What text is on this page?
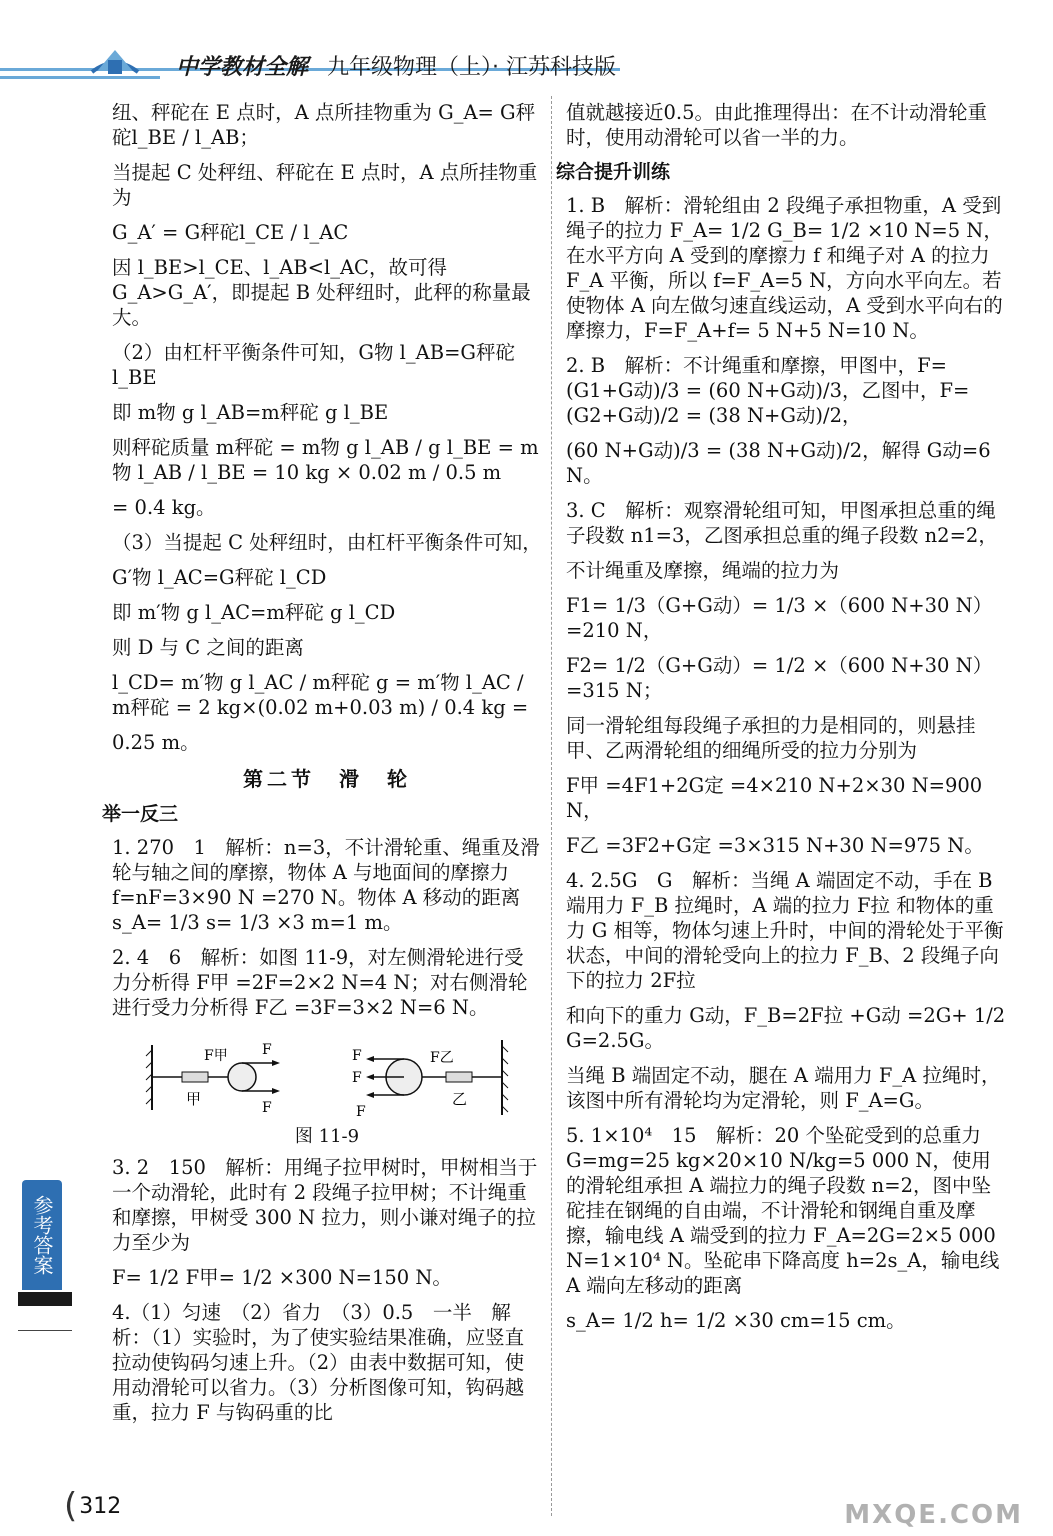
中学教材全解 九年级物理（上）· 江苏科技版

纽、秤砣在 E 点时，A 点所挂物重为 G_A= G秤砣l_BE / l_AB；

当提起 C 处秤纽、秤砣在 E 点时，A 点所挂物重为

G_A′ = G秤砣l_CE / l_AC

因 l_BE>l_CE、l_AB<l_AC，故可得 G_A>G_A′，即提起 B 处秤纽时，此秤的称量最大。

（2）由杠杆平衡条件可知，G物 l_AB=G秤砣 l_BE

即 m物 g l_AB=m秤砣 g l_BE

则秤砣质量 m秤砣 = m物 g l_AB / g l_BE = m物 l_AB / l_BE = 10 kg × 0.02 m / 0.5 m

= 0.4 kg。

（3）当提起 C 处秤纽时，由杠杆平衡条件可知，

G′物 l_AC=G秤砣 l_CD

即 m′物 g l_AC=m秤砣 g l_CD

则 D 与 C 之间的距离

l_CD= m′物 g l_AC / m秤砣 g = m′物 l_AC / m秤砣 = 2 kg×(0.02 m+0.03 m) / 0.4 kg =

0.25 m。

第二节　滑　轮
举一反三

1. 270　1　解析：n=3，不计滑轮重、绳重及滑轮与轴之间的摩擦，物体 A 与地面间的摩擦力 f=nF=3×90 N =270 N。物体 A 移动的距离 s_A= 1/3 s= 1/3 ×3 m=1 m。

2. 4　6　解析：如图 11-9，对左侧滑轮进行受力分析得 F甲 =2F=2×2 N=4 N；对右侧滑轮进行受力分析得 F乙 =3F=3×2 N=6 N。

F甲 F
F
甲
F
F
F乙
F
乙
图 11-9

3. 2　150　解析：用绳子拉甲树时，甲树相当于一个动滑轮，此时有 2 段绳子拉甲树；不计绳重和摩擦，甲树受 300 N 拉力，则小谦对绳子的拉力至少为

F= 1/2 F甲= 1/2 ×300 N=150 N。

4.（1）匀速　（2）省力　（3）0.5　一半　解析：（1）实验时，为了使实验结果准确，应竖直拉动使钩码匀速上升。（2）由表中数据可知，使用动滑轮可以省力。（3）分析图像可知，钩码越重，拉力 F 与钩码重的比

值就越接近0.5。由此推理得出：在不计动滑轮重时，使用动滑轮可以省一半的力。

综合提升训练

1. B　解析：滑轮组由 2 段绳子承担物重，A 受到绳子的拉力 F_A= 1/2 G_B= 1/2 ×10 N=5 N，在水平方向 A 受到的摩擦力 f 和绳子对 A 的拉力 F_A 平衡，所以 f=F_A=5 N，方向水平向左。若使物体 A 向左做匀速直线运动，A 受到水平向右的摩擦力，F=F_A+f= 5 N+5 N=10 N。

2. B　解析：不计绳重和摩擦，甲图中，F= (G1+G动)/3 = (60 N+G动)/3，乙图中，F= (G2+G动)/2 = (38 N+G动)/2，

(60 N+G动)/3 = (38 N+G动)/2，解得 G动=6 N。

3. C　解析：观察滑轮组可知，甲图承担总重的绳子段数 n1=3，乙图承担总重的绳子段数 n2=2，

不计绳重及摩擦，绳端的拉力为

F1= 1/3（G+G动）= 1/3 ×（600 N+30 N）=210 N，

F2= 1/2（G+G动）= 1/2 ×（600 N+30 N）=315 N；

同一滑轮组每段绳子承担的力是相同的，则悬挂甲、乙两滑轮组的细绳所受的拉力分别为

F甲 =4F1+2G定 =4×210 N+2×30 N=900 N，

F乙 =3F2+G定 =3×315 N+30 N=975 N。

4. 2.5G　G　解析：当绳 A 端固定不动，手在 B 端用力 F_B 拉绳时，A 端的拉力 F拉 和物体的重力 G 相等，物体匀速上升时，中间的滑轮处于平衡状态，中间的滑轮受向上的拉力 F_B、2 段绳子向下的拉力 2F拉

和向下的重力 G动，F_B=2F拉 +G动 =2G+ 1/2 G=2.5G。

当绳 B 端固定不动，腿在 A 端用力 F_A 拉绳时，该图中所有滑轮均为定滑轮，则 F_A=G。

5. 1×10⁴　15　解析：20 个坠砣受到的总重力 G=mg=25 kg×20×10 N/kg=5 000 N，使用的滑轮组承担 A 端拉力的绳子段数 n=2，图中坠砣挂在钢绳的自由端，不计滑轮和钢绳自重及摩擦，输电线 A 端受到的拉力 F_A=2G=2×5 000 N=1×10⁴ N。坠砣串下降高度 h=2s_A，输电线 A 端向左移动的距离

s_A= 1/2 h= 1/2 ×30 cm=15 cm。

参考答案
( 312	MXQE.COM
